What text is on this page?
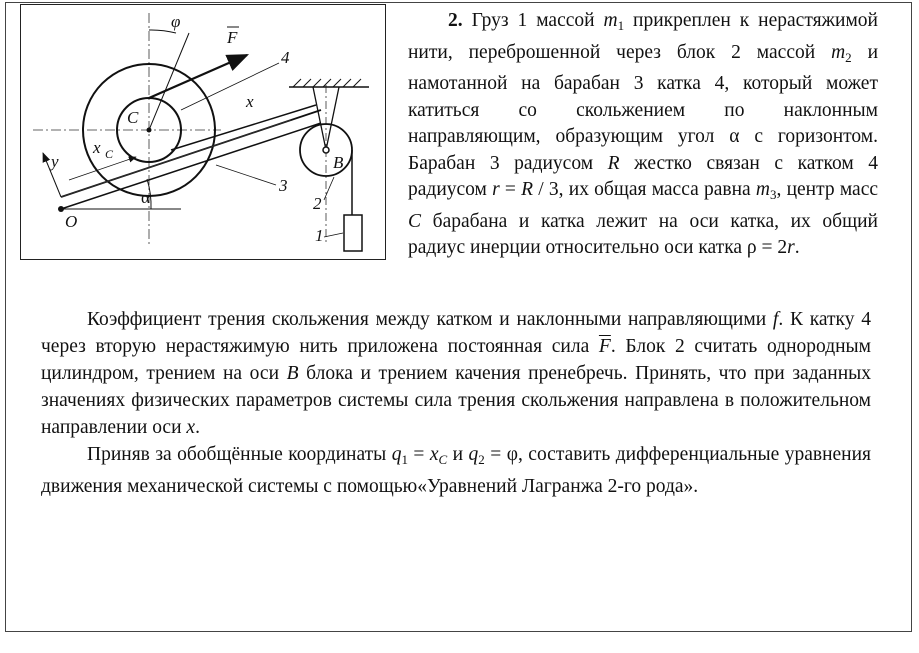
φ
F
4
x
C
x C
y	B
3
2
1
O
α

2. Груз 1 массой $m_1$ прикреплен к нерастяжимой нити, переброшенной через блок 2 массой $m_2$ и намотанной на барабан 3 катка 4, который может катиться со скольжением по наклонным направляющим, образующим угол α с горизонтом. Барабан 3 радиусом R жестко связан с катком 4 радиусом r = R / 3, их общая масса равна $m_3$, центр масс C барабана и катка лежит на оси катка, их общий радиус инерции относительно оси катка ρ = 2r.

Коэффициент трения скольжения между катком и наклонными направляющими f. К катку 4 через вторую нерастяжимую нить приложена постоянная сила $\overline{F}$. Блок 2 считать однородным цилиндром, трением на оси B блока и трением качения пренебречь. Принять, что при заданных значениях физических параметров системы сила трения скольжения направлена в положительном направлении оси x.

Приняв за обобщённые координаты $q_1 = x_C$ и $q_2 = \varphi$, составить дифференциальные уравнения движения механической системы с помощью«Уравнений Лагранжа 2-го рода».
